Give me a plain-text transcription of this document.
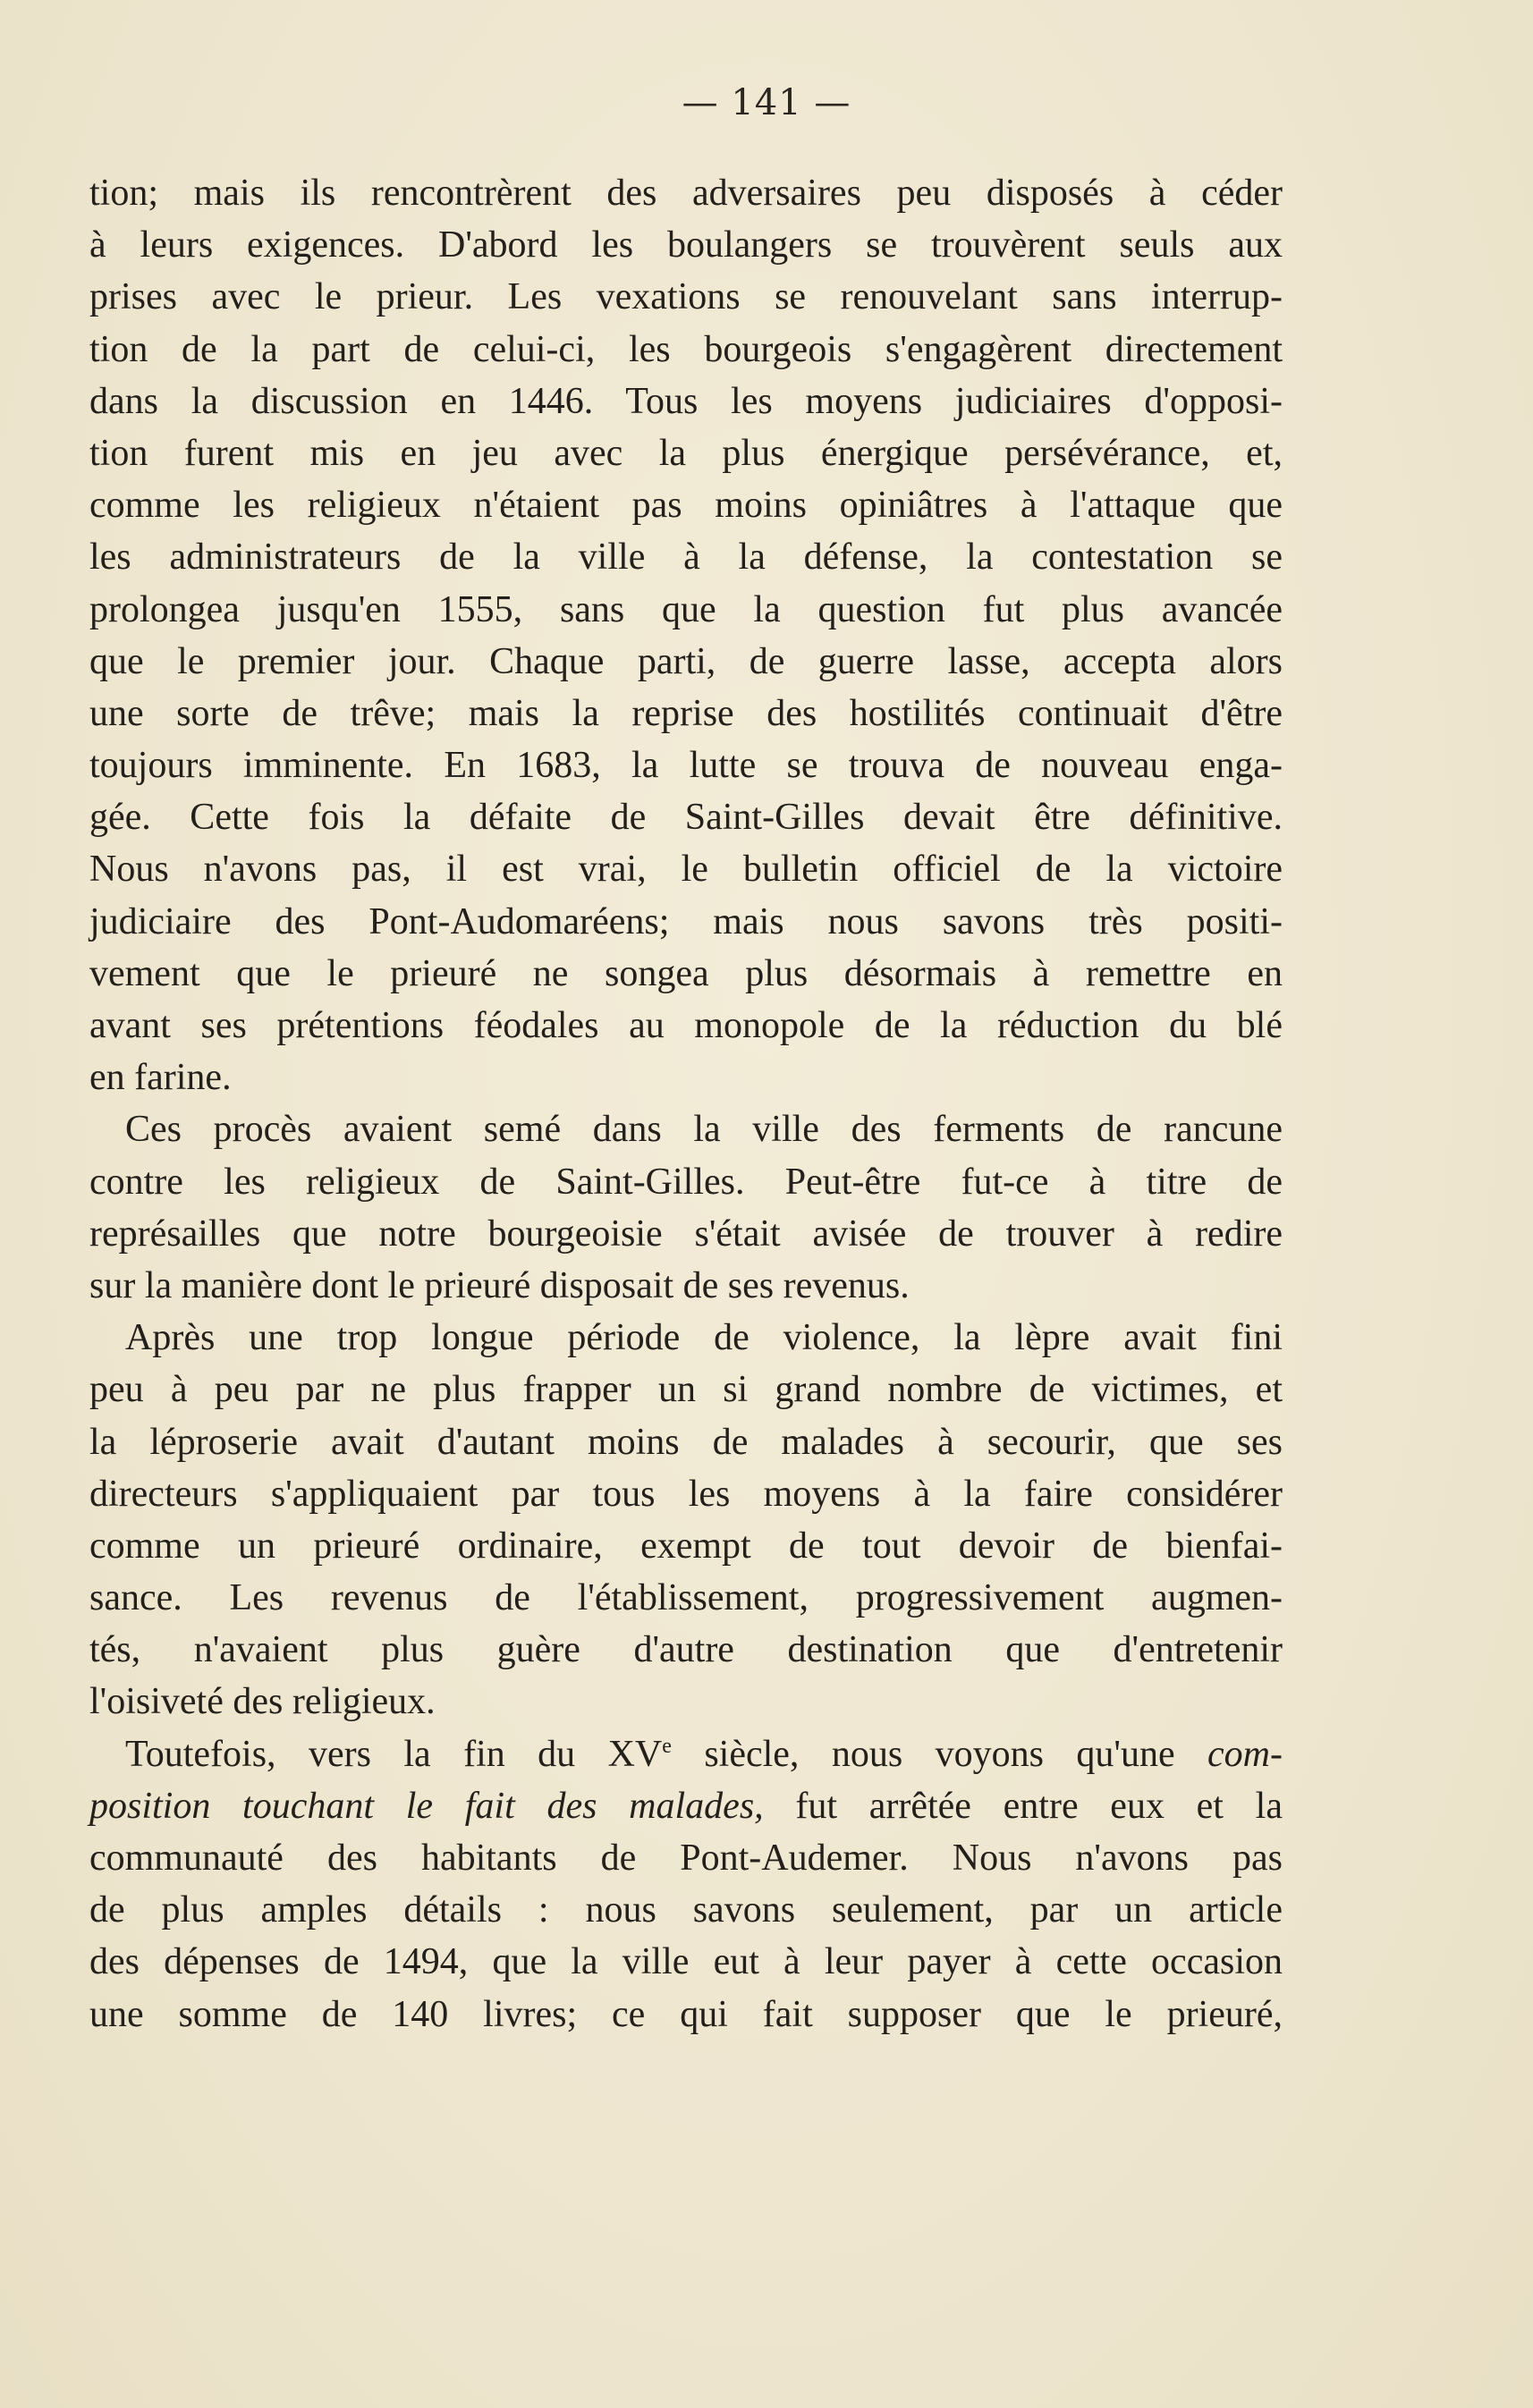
— 141 —
tion; mais ils rencontrèrent des adversaires peu disposés à céder
à leurs exigences. D'abord les boulangers se trouvèrent seuls aux
prises avec le prieur. Les vexations se renouvelant sans interrup-
tion de la part de celui-ci, les bourgeois s'engagèrent directement
dans la discussion en 1446. Tous les moyens judiciaires d'opposi-
tion furent mis en jeu avec la plus énergique persévérance, et,
comme les religieux n'étaient pas moins opiniâtres à l'attaque que
les administrateurs de la ville à la défense, la contestation se
prolongea jusqu'en 1555, sans que la question fut plus avancée
que le premier jour. Chaque parti, de guerre lasse, accepta alors
une sorte de trêve; mais la reprise des hostilités continuait d'être
toujours imminente. En 1683, la lutte se trouva de nouveau enga-
gée. Cette fois la défaite de Saint-Gilles devait être définitive.
Nous n'avons pas, il est vrai, le bulletin officiel de la victoire
judiciaire des Pont-Audomaréens; mais nous savons très positi-
vement que le prieuré ne songea plus désormais à remettre en
avant ses prétentions féodales au monopole de la réduction du blé
en farine.
Ces procès avaient semé dans la ville des ferments de rancune
contre les religieux de Saint-Gilles. Peut-être fut-ce à titre de
représailles que notre bourgeoisie s'était avisée de trouver à redire
sur la manière dont le prieuré disposait de ses revenus.
Après une trop longue période de violence, la lèpre avait fini
peu à peu par ne plus frapper un si grand nombre de victimes, et
la léproserie avait d'autant moins de malades à secourir, que ses
directeurs s'appliquaient par tous les moyens à la faire considérer
comme un prieuré ordinaire, exempt de tout devoir de bienfai-
sance. Les revenus de l'établissement, progressivement augmen-
tés, n'avaient plus guère d'autre destination que d'entretenir
l'oisiveté des religieux.
Toutefois, vers la fin du XVe siècle, nous voyons qu'une com-
position touchant le fait des malades, fut arrêtée entre eux et la
communauté des habitants de Pont-Audemer. Nous n'avons pas
de plus amples détails : nous savons seulement, par un article
des dépenses de 1494, que la ville eut à leur payer à cette occasion
une somme de 140 livres; ce qui fait supposer que le prieuré,
